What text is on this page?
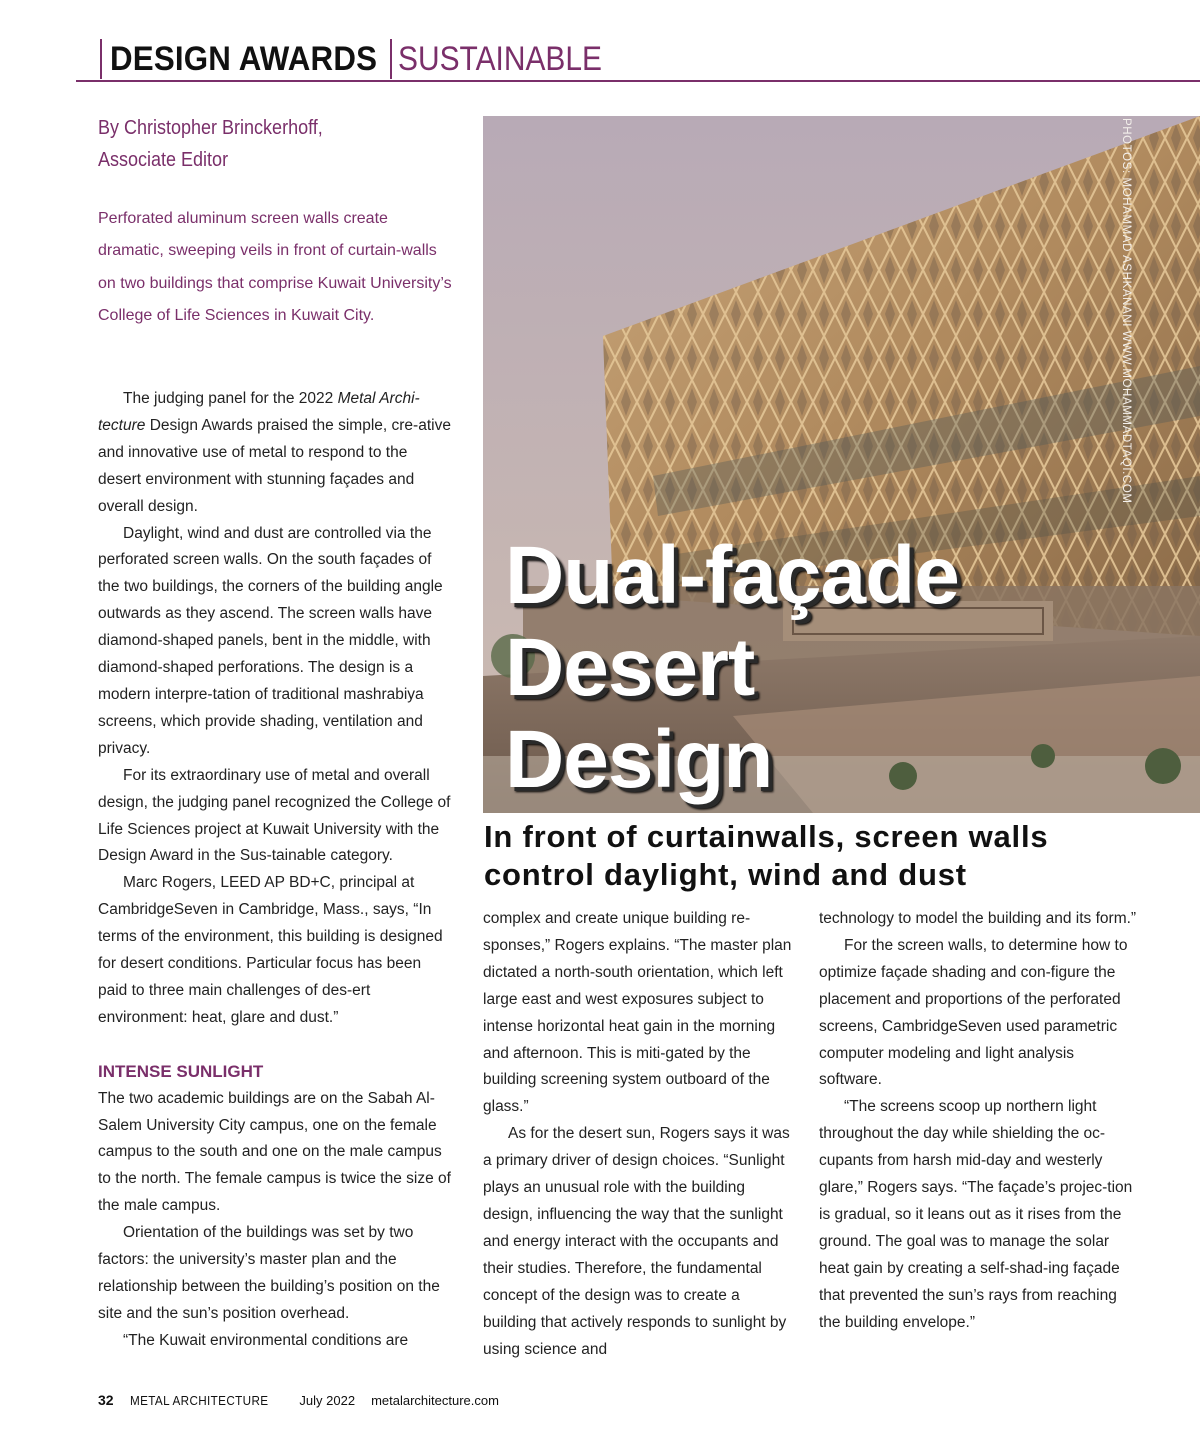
DESIGN AWARDS SUSTAINABLE
By Christopher Brinckerhoff, Associate Editor
Perforated aluminum screen walls create dramatic, sweeping veils in front of curtain-walls on two buildings that comprise Kuwait University’s College of Life Sciences in Kuwait City.

The judging panel for the 2022 Metal Archi-tecture Design Awards praised the simple, cre-ative and innovative use of metal to respond to the desert environment with stunning façades and overall design.

Daylight, wind and dust are controlled via the perforated screen walls. On the south façades of the two buildings, the corners of the building angle outwards as they ascend. The screen walls have diamond-shaped panels, bent in the middle, with diamond-shaped perforations. The design is a modern interpre-tation of traditional mashrabiya screens, which provide shading, ventilation and privacy.

For its extraordinary use of metal and overall design, the judging panel recognized the College of Life Sciences project at Kuwait University with the Design Award in the Sus-tainable category.

Marc Rogers, LEED AP BD+C, principal at CambridgeSeven in Cambridge, Mass., says, “In terms of the environment, this building is designed for desert conditions. Particular focus has been paid to three main challenges of des-ert environment: heat, glare and dust.”

INTENSE SUNLIGHT

The two academic buildings are on the Sabah Al-Salem University City campus, one on the female campus to the south and one on the male campus to the north. The female campus is twice the size of the male campus.

Orientation of the buildings was set by two factors: the university’s master plan and the relationship between the building’s position on the site and the sun’s position overhead.

“The Kuwait environmental conditions are

PHOTOS: MOHAMMAD ASHKANANI WWW.MOHAMMADTAQI.COM
Dual-façade
Desert
Design
In front of curtainwalls, screen walls control daylight, wind and dust

complex and create unique building re-sponses,” Rogers explains. “The master plan dictated a north-south orientation, which left large east and west exposures subject to intense horizontal heat gain in the morning and afternoon. This is miti-gated by the building screening system outboard of the glass.”

As for the desert sun, Rogers says it was a primary driver of design choices. “Sunlight plays an unusual role with the building design, influencing the way that the sunlight and energy interact with the occupants and their studies. Therefore, the fundamental concept of the design was to create a building that actively responds to sunlight by using science and

technology to model the building and its form.”

For the screen walls, to determine how to optimize façade shading and con-figure the placement and proportions of the perforated screens, CambridgeSeven used parametric computer modeling and light analysis software.

“The screens scoop up northern light throughout the day while shielding the oc-cupants from harsh mid-day and westerly glare,” Rogers says. “The façade’s projec-tion is gradual, so it leans out as it rises from the ground. The goal was to manage the solar heat gain by creating a self-shad-ing façade that prevented the sun’s rays from reaching the building envelope.”

32 METAL ARCHITECTURE July 2022 metalarchitecture.com
